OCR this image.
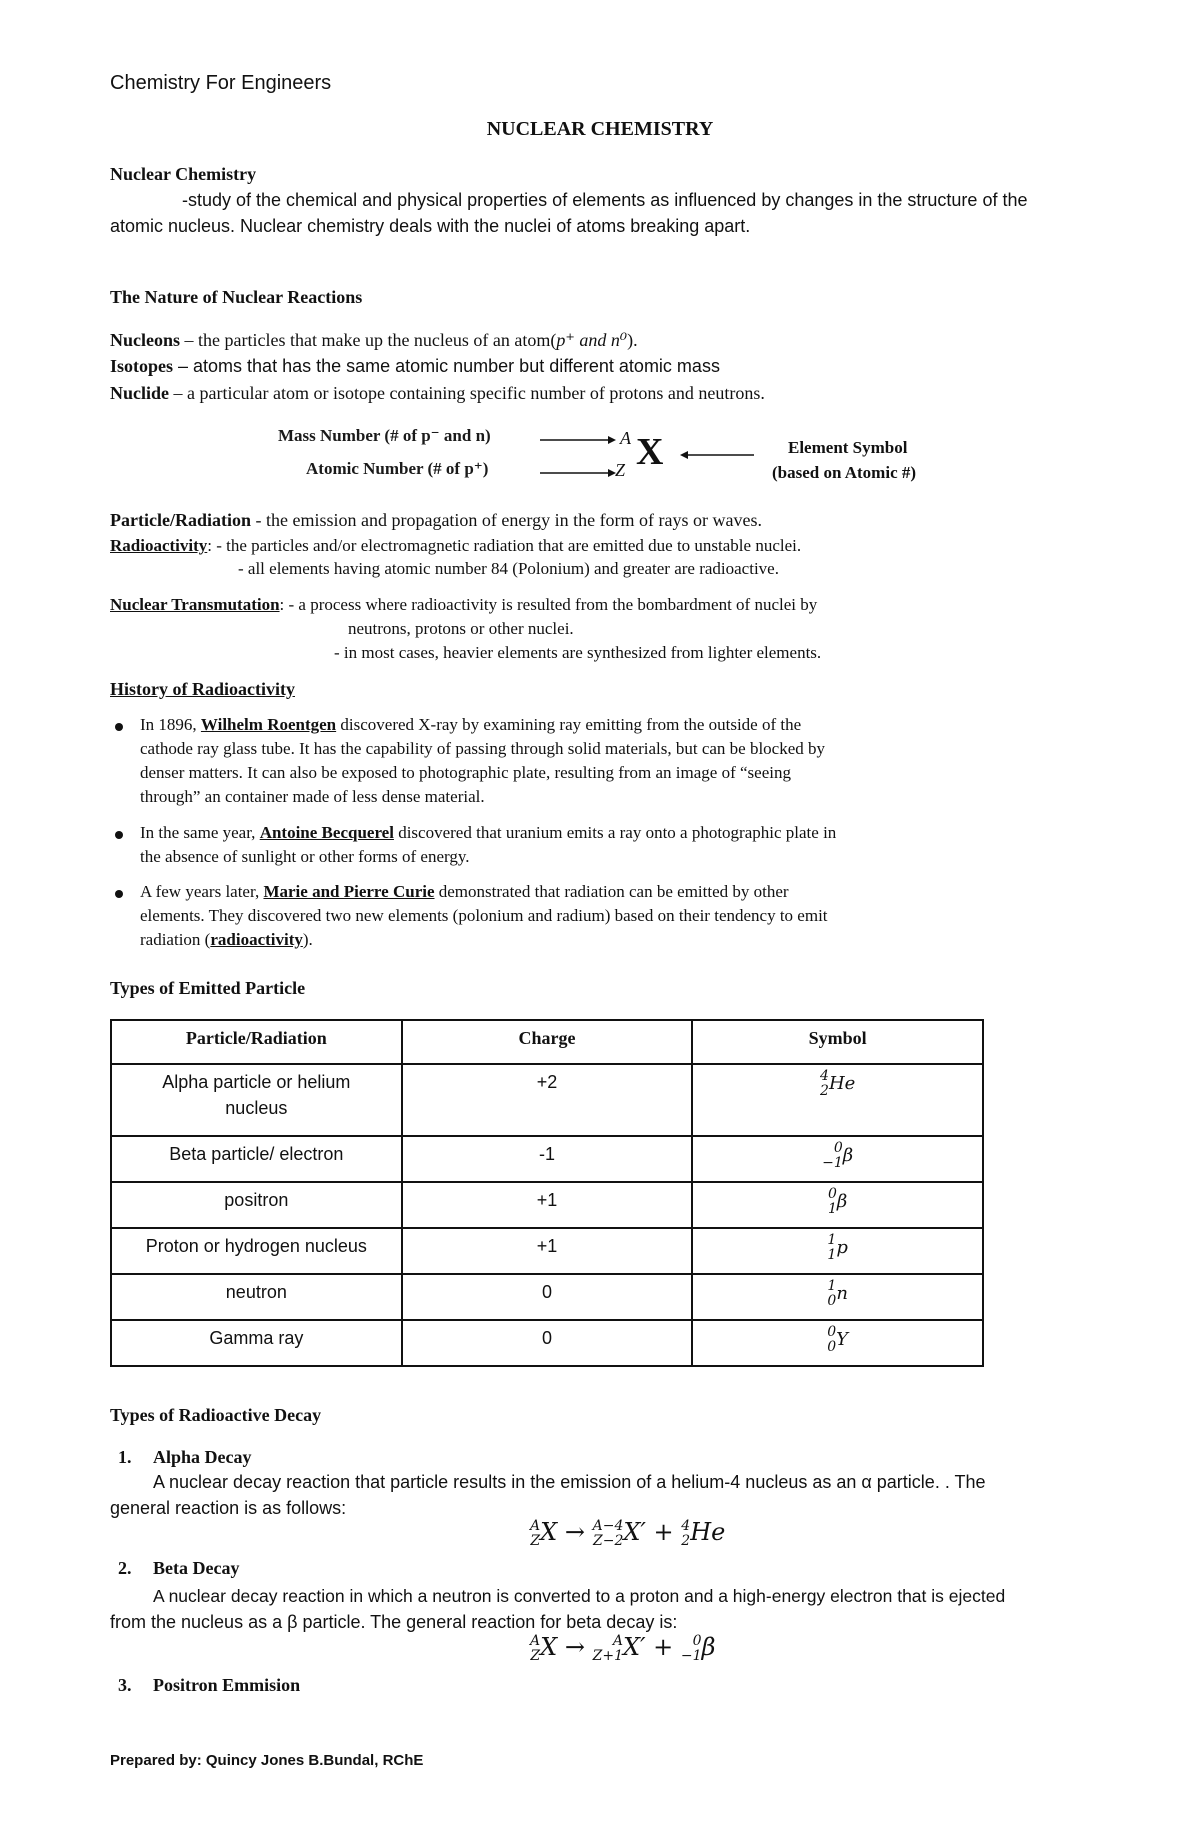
Chemistry For Engineers
NUCLEAR CHEMISTRY
Nuclear Chemistry
-study of the chemical and physical properties of elements as influenced by changes in the structure of the
atomic nucleus. Nuclear chemistry deals with the nuclei of atoms breaking apart.
The Nature of Nuclear Reactions
Nucleons – the particles that make up the nucleus of an atom(p⁺ and n⁰).
Isotopes – atoms that has the same atomic number but different atomic mass
Nuclide – a particular atom or isotope containing specific number of protons and neutrons.
Mass Number (# of p⁻ and n)
Atomic Number (# of p⁺)
A
Z X	Element Symbol
(based on Atomic #)
Particle/Radiation - the emission and propagation of energy in the form of rays or waves.
Radioactivity: - the particles and/or electromagnetic radiation that are emitted due to unstable nuclei.
- all elements having atomic number 84 (Polonium) and greater are radioactive.
Nuclear Transmutation: - a process where radioactivity is resulted from the bombardment of nuclei by
neutrons, protons or other nuclei.
- in most cases, heavier elements are synthesized from lighter elements.
History of Radioactivity
In 1896, Wilhelm Roentgen discovered X-ray by examining ray emitting from the outside of the
cathode ray glass tube. It has the capability of passing through solid materials, but can be blocked by
denser matters. It can also be exposed to photographic plate, resulting from an image of “seeing
through” an container made of less dense material.
In the same year, Antoine Becquerel discovered that uranium emits a ray onto a photographic plate in
the absence of sunlight or other forms of energy.
A few years later, Marie and Pierre Curie demonstrated that radiation can be emitted by other
elements. They discovered two new elements (polonium and radium) based on their tendency to emit
radiation (radioactivity).
Types of Emitted Particle
Particle/Radiation	Charge	Symbol

Alpha particle or helium nucleus	+2	4
2 He
Beta particle/ electron	-1	0
−1 β
positron	+1	0
1 β
Proton or hydrogen nucleus	+1	1
1 p
neutron	0	1
0 n
Gamma ray	0	0
0 Y
Types of Radioactive Decay
1. Alpha Decay
A nuclear decay reaction that particle results in the emission of a helium-4 nucleus as an α particle. . The
general reaction is as follows:
A
Z X → A−4
Z−2 X′ + 4
2 He
2. Beta Decay
A nuclear decay reaction in which a neutron is converted to a proton and a high-energy electron that is ejected
from the nucleus as a β particle. The general reaction for beta decay is:
A
Z X →	A
Z+1 X′ +	0
−1 β
3. Positron Emmision
Prepared by: Quincy Jones B.Bundal, RChE
